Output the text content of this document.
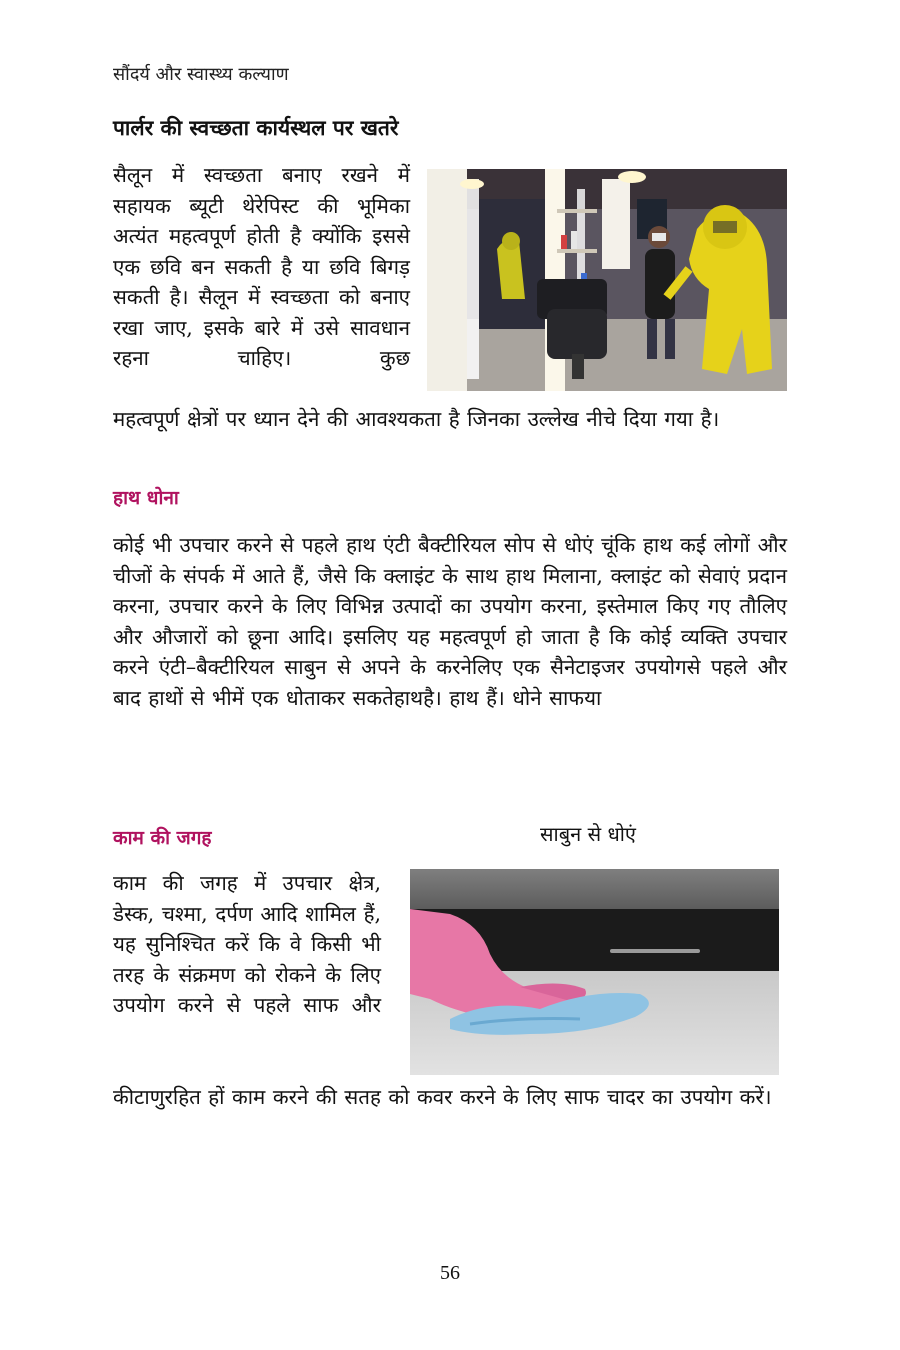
सौंदर्य और स्वास्थ्य कल्याण
पार्लर की स्वच्छता कार्यस्थल पर खतरे
सैलून में स्वच्छता बनाए रखने में सहायक ब्यूटी थेरेपिस्ट की भूमिका अत्यंत महत्वपूर्ण होती है क्योंकि इससे एक छवि बन सकती है या छवि बिगड़ सकती है। सैलून में स्वच्छता को बनाए रखा जाए, इसके बारे में उसे सावधान रहना चाहिए। कुछ
महत्वपूर्ण क्षेत्रों पर ध्यान देने की आवश्यकता है जिनका उल्लेख नीचे दिया गया है।
हाथ धोना
कोई भी उपचार करने से पहले हाथ एंटी बैक्टीरियल सोप से धोएं चूंकि हाथ कई लोगों और चीजों के संपर्क में आते हैं, जैसे कि क्लाइंट के साथ हाथ मिलाना, क्लाइंट को सेवाएं प्रदान करना, उपचार करने के लिए विभिन्न उत्पादों का उपयोग करना, इस्तेमाल किए गए तौलिए और औजारों को छूना आदि। इसलिए यह महत्वपूर्ण हो जाता है कि कोई व्यक्ति उपचार करने एंटी–बैक्टीरियल साबुन से अपने के करनेलिए एक सैनेटाइजर उपयोगसे पहले और बाद हाथों से भीमें एक धोताकर सकतेहाथहै। हाथ हैं। धोने साफया
काम की जगह	साबुन से धोएं
काम की जगह में उपचार क्षेत्र, डेस्क, चश्मा, दर्पण आदि शामिल हैं, यह सुनिश्चित करें कि वे किसी भी तरह के संक्रमण को रोकने के लिए उपयोग करने से पहले साफ और
कीटाणुरहित हों काम करने की सतह को कवर करने के लिए साफ चादर का उपयोग करें।
56
